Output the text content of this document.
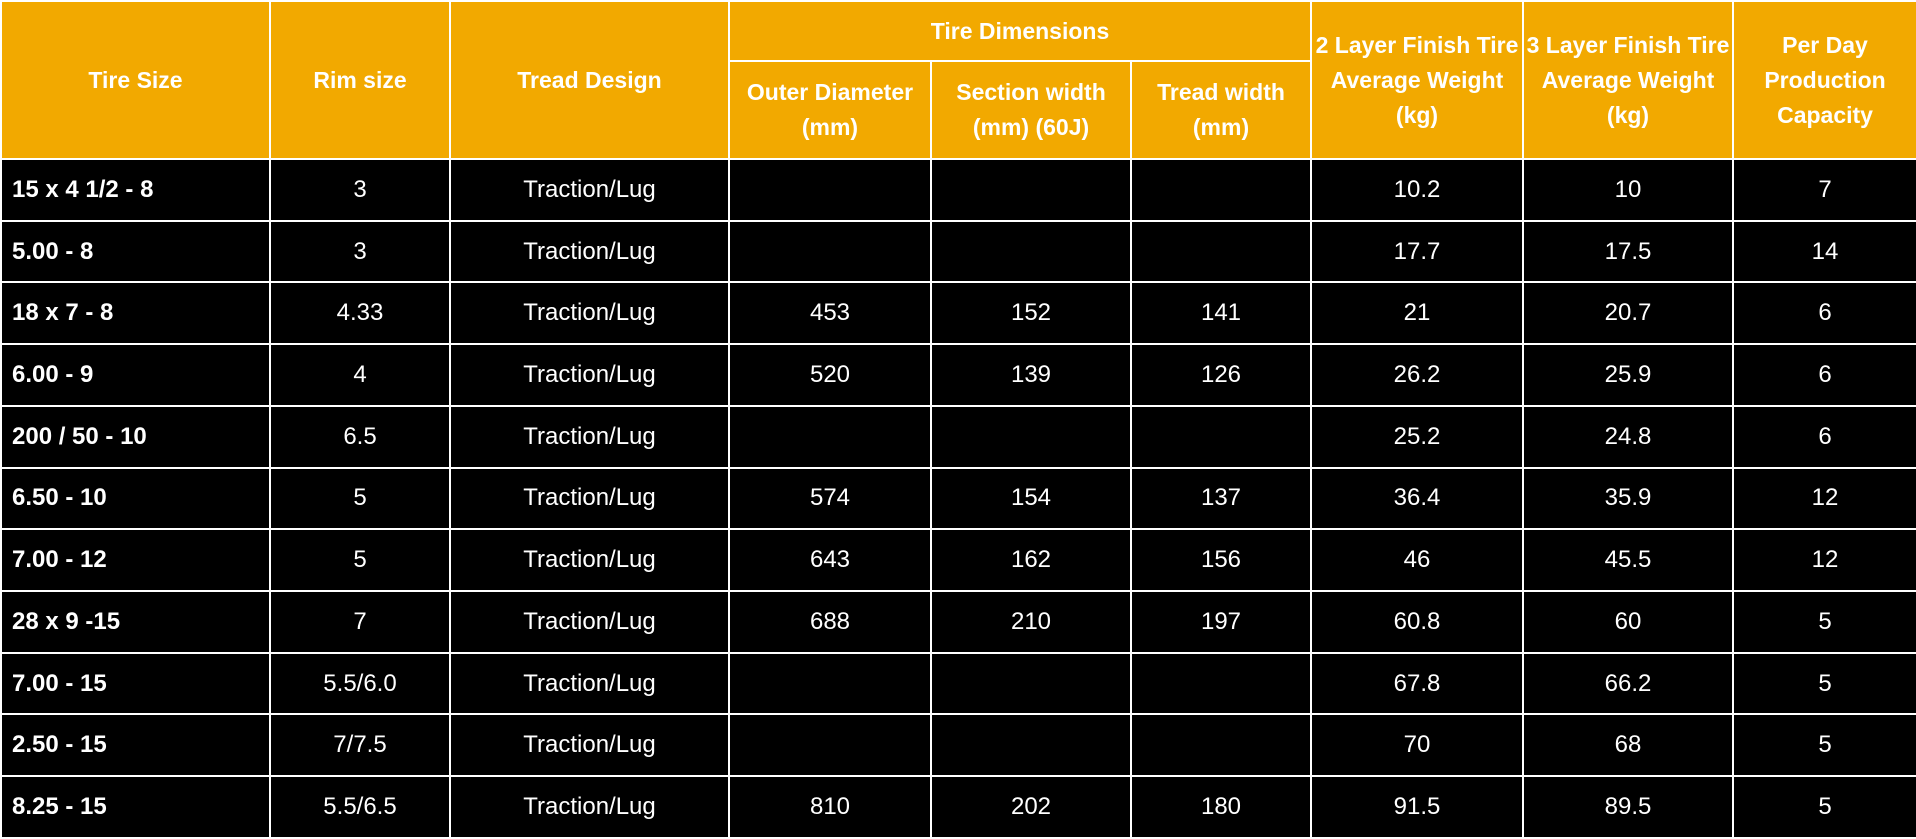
Tire Size	Rim size	Tread Design	Tire Dimensions			2 Layer Finish Tire Average Weight (kg)	3 Layer Finish Tire Average Weight (kg)	Per Day Production Capacity
			Outer Diameter (mm)	Section width (mm) (60J)	Tread width (mm)			
15 x 4 1/2 - 8	3	Traction/Lug				10.2	10	7
5.00 - 8	3	Traction/Lug				17.7	17.5	14
18 x 7 - 8	4.33	Traction/Lug	453	152	141	21	20.7	6
6.00 - 9	4	Traction/Lug	520	139	126	26.2	25.9	6
200 / 50 - 10	6.5	Traction/Lug				25.2	24.8	6
6.50 - 10	5	Traction/Lug	574	154	137	36.4	35.9	12
7.00 - 12	5	Traction/Lug	643	162	156	46	45.5	12
28 x 9 -15	7	Traction/Lug	688	210	197	60.8	60	5
7.00 - 15	5.5/6.0	Traction/Lug				67.8	66.2	5
2.50 - 15	7/7.5	Traction/Lug				70	68	5
8.25 - 15	5.5/6.5	Traction/Lug	810	202	180	91.5	89.5	5
